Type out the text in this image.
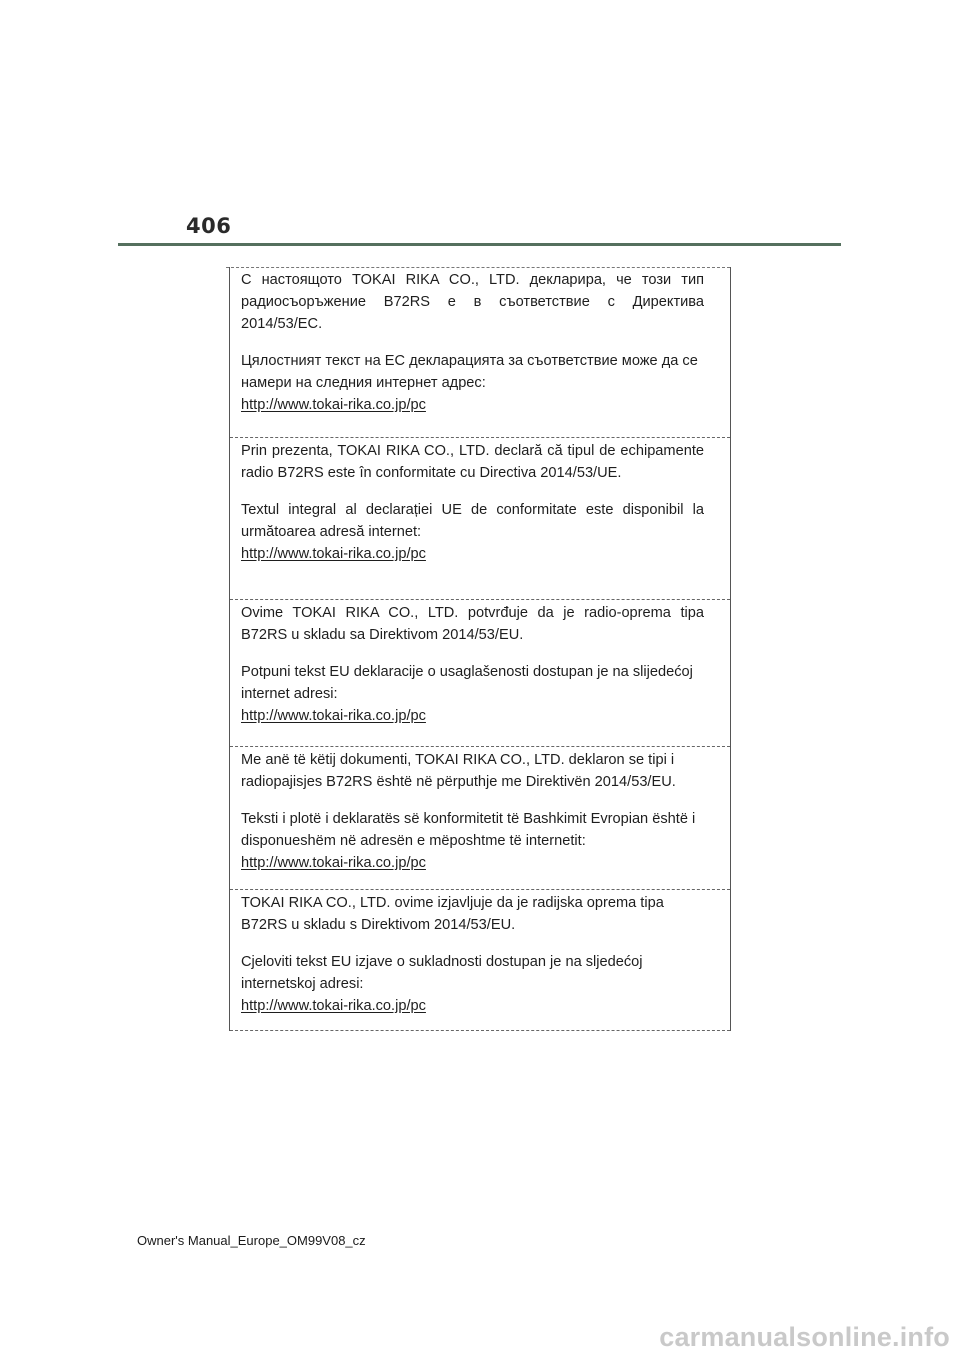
406

С настоящото TOKAI RIKA CO., LTD. декларира, че този тип радиосъоръжение B72RS е в съответствие с Директива 2014/53/EC.

Цялостният текст на ЕС декларацията за съответствие може да се намери на следния интернет адрес:

http://www.tokai-rika.co.jp/pc

Prin prezenta, TOKAI RIKA CO., LTD. declară că tipul de echipamente radio B72RS este în conformitate cu Directiva 2014/53/UE.

Textul integral al declarației UE de conformitate este disponibil la următoarea adresă internet:

http://www.tokai-rika.co.jp/pc

Ovime TOKAI RIKA CO., LTD. potvrđuje da je radio-oprema tipa B72RS u skladu sa Direktivom 2014/53/EU.

Potpuni tekst EU deklaracije o usaglašenosti dostupan je na slijedećoj internet adresi:

http://www.tokai-rika.co.jp/pc

Me anë të këtij dokumenti, TOKAI RIKA CO., LTD. deklaron se tipi i radiopajisjes B72RS është në përputhje me Direktivën 2014/53/EU.

Teksti i plotë i deklaratës së konformitetit të Bashkimit Evropian është i disponueshëm në adresën e mëposhtme të internetit:

http://www.tokai-rika.co.jp/pc

TOKAI RIKA CO., LTD. ovime izjavljuje da je radijska oprema tipa B72RS u skladu s Direktivom 2014/53/EU.

Cjeloviti tekst EU izjave o sukladnosti dostupan je na sljedećoj internetskoj adresi:

http://www.tokai-rika.co.jp/pc
Owner's Manual_Europe_OM99V08_cz
carmanualsonline.info
